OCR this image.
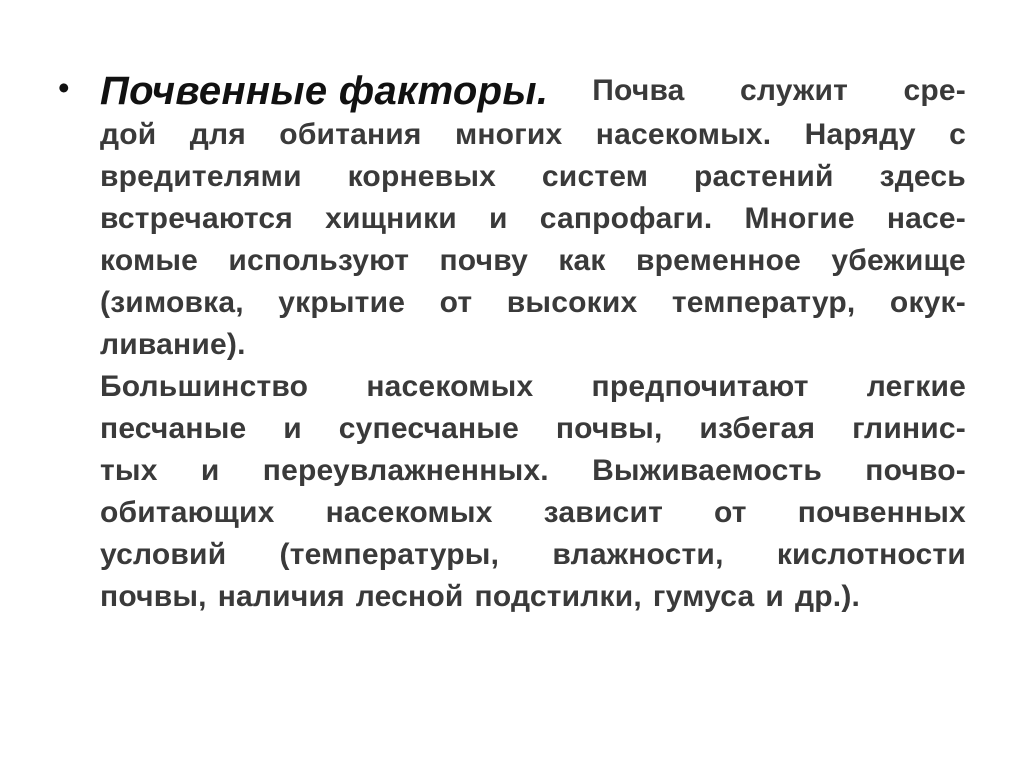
• Почвенные факторы. Почва служит сре-
дой для обитания многих насекомых. Наряду с
вредителями корневых систем растений здесь
встречаются хищники и сапрофаги. Многие насе-
комые используют почву как временное убежище
(зимовка, укрытие от высоких температур, окук-
ливание).
Большинство насекомых предпочитают легкие
песчаные и супесчаные почвы, избегая глинис-
тых и переувлажненных. Выживаемость почво-
обитающих насекомых зависит от почвенных
условий (температуры, влажности, кислотности
почвы, наличия лесной подстилки, гумуса и др.).
